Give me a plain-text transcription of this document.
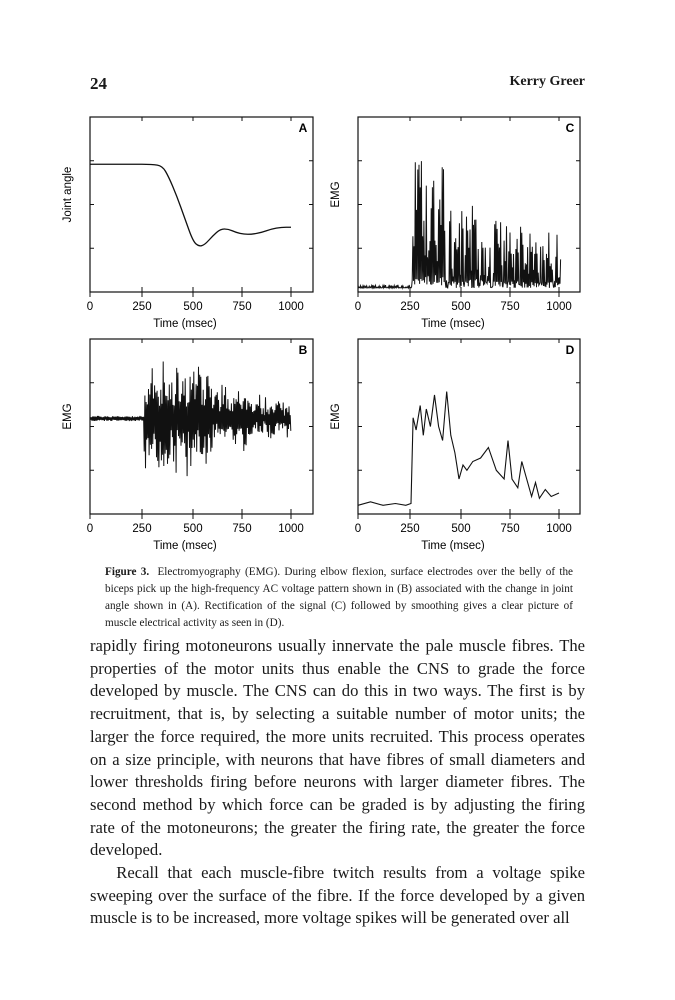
24	Kerry Greer
A
0	250	500	750 1000
Time (msec)
Joint angle
B
0	250	500	750 1000
Time (msec)
EMG
C
0	250	500	750 1000
Time (msec)
EMG
D
0	250	500	750 1000
Time (msec)
EMG
Figure 3. Electromyography (EMG). During elbow flexion, surface electrodes over the belly of the biceps pick up the high-frequency AC voltage pattern shown in (B) associated with the change in joint angle shown in (A). Rectification of the signal (C) followed by smoothing gives a clear picture of muscle electrical activity as seen in (D).

rapidly firing motoneurons usually innervate the pale muscle fibres. The properties of the motor units thus enable the CNS to grade the force developed by muscle. The CNS can do this in two ways. The first is by recruitment, that is, by selecting a suitable number of motor units; the larger the force required, the more units recruited. This process operates on a size principle, with neurons that have fibres of small diameters and lower thresholds firing before neurons with larger diameter fibres. The second method by which force can be graded is by adjusting the firing rate of the motoneurons; the greater the firing rate, the greater the force developed.

Recall that each muscle-fibre twitch results from a voltage spike sweeping over the surface of the fibre. If the force developed by a given muscle is to be increased, more voltage spikes will be generated over all
